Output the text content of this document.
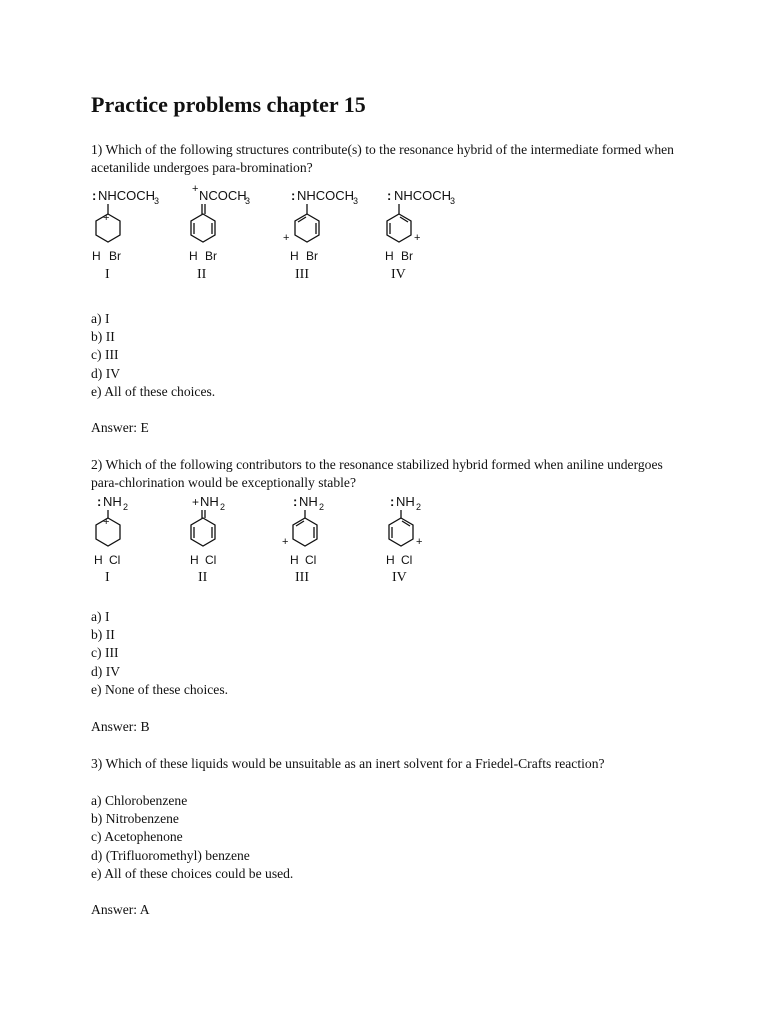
Practice problems chapter 15

1) Which of the following structures contribute(s) to the resonance hybrid of the intermediate formed when acetanilide undergoes para-bromination?

: NHCOCH
3
+
H Br
I
+ NCOCH
3
H Br
II
: NHCOCH
3
+
H Br
III
: NHCOCH
3
+
H Br
IV
a) I
b) II
c) III
d) IV
e) All of these choices.
Answer: E

2) Which of the following contributors to the resonance stabilized hybrid formed when aniline undergoes para-chlorination would be exceptionally stable?

: NH 2
+
H Cl
I
+ NH 2
H Cl
II
: NH 2
+
H Cl
III
: NH 2
+
H Cl
IV
a) I
b) II
c) III
d) IV
e) None of these choices.
Answer: B

3) Which of these liquids would be unsuitable as an inert solvent for a Friedel-Crafts reaction?

a) Chlorobenzene
b) Nitrobenzene
c) Acetophenone
d) (Trifluoromethyl) benzene
e) All of these choices could be used.
Answer: A
